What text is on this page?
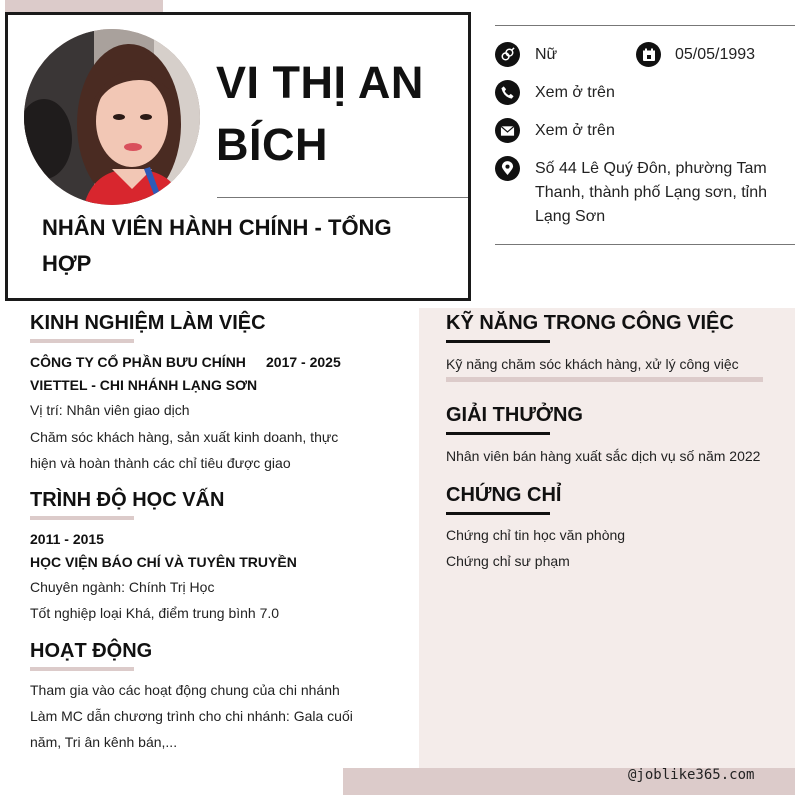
VI THỊ AN
BÍCH
NHÂN VIÊN HÀNH CHÍNH - TỔNG
HỢP
Nữ	05/05/1993
Xem ở trên
Xem ở trên
Số 44 Lê Quý Đôn, phường Tam
Thanh, thành phố Lạng sơn, tỉnh
Lạng Sơn
KINH NGHIỆM LÀM VIỆC
CÔNG TY CỔ PHẦN BƯU CHÍNH 2017 - 2025
VIETTEL - CHI NHÁNH LẠNG SƠN
Vị trí: Nhân viên giao dịch
Chăm sóc khách hàng, sản xuất kinh doanh, thực
hiện và hoàn thành các chỉ tiêu được giao
TRÌNH ĐỘ HỌC VẤN
2011 - 2015
HỌC VIỆN BÁO CHÍ VÀ TUYÊN TRUYỀN
Chuyên ngành: Chính Trị Học
Tốt nghiệp loại Khá, điểm trung bình 7.0
HOẠT ĐỘNG
Tham gia vào các hoạt động chung của chi nhánh
Làm MC dẫn chương trình cho chi nhánh: Gala cuối
năm, Tri ân kênh bán,...
KỸ NĂNG TRONG CÔNG VIỆC
Kỹ năng chăm sóc khách hàng, xử lý công việc
GIẢI THƯỞNG
Nhân viên bán hàng xuất sắc dịch vụ số năm 2022
CHỨNG CHỈ
Chứng chỉ tin học văn phòng
Chứng chỉ sư phạm
@joblike365.com
